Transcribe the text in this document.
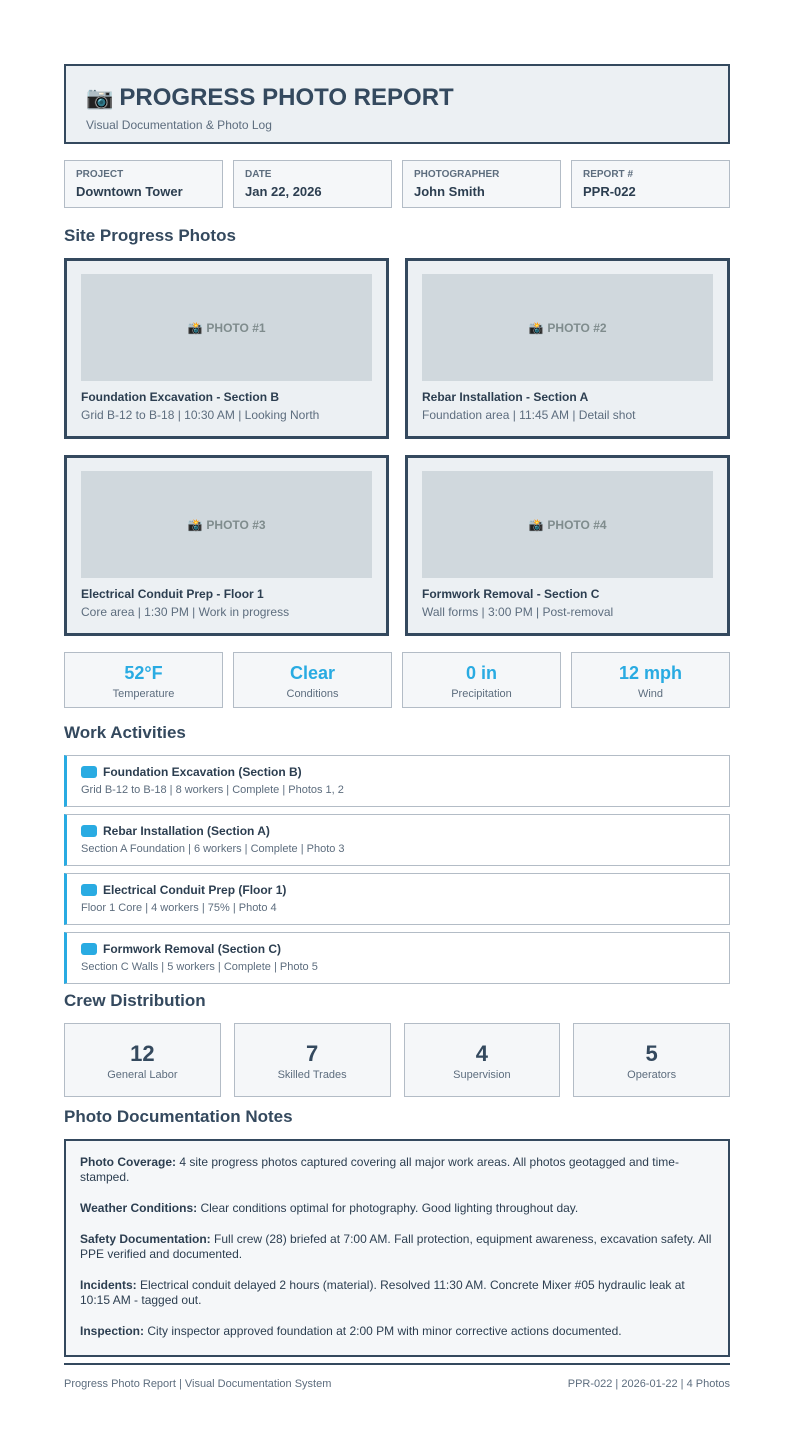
📷 PROGRESS PHOTO REPORT
Visual Documentation & Photo Log
PROJECT
Downtown Tower
DATE
Jan 22, 2026
PHOTOGRAPHER
John Smith
REPORT #
PPR-022
Site Progress Photos
📸 PHOTO #1
Foundation Excavation - Section B
Grid B-12 to B-18 | 10:30 AM | Looking North
📸 PHOTO #2
Rebar Installation - Section A
Foundation area | 11:45 AM | Detail shot
📸 PHOTO #3
Electrical Conduit Prep - Floor 1
Core area | 1:30 PM | Work in progress
📸 PHOTO #4
Formwork Removal - Section C
Wall forms | 3:00 PM | Post-removal
52°F
Temperature
Clear
Conditions
0 in
Precipitation
12 mph
Wind
Work Activities
Foundation Excavation (Section B)
Grid B-12 to B-18 | 8 workers | Complete | Photos 1, 2
Rebar Installation (Section A)
Section A Foundation | 6 workers | Complete | Photo 3
Electrical Conduit Prep (Floor 1)
Floor 1 Core | 4 workers | 75% | Photo 4
Formwork Removal (Section C)
Section C Walls | 5 workers | Complete | Photo 5
Crew Distribution
12
General Labor
7
Skilled Trades
4
Supervision
5
Operators
Photo Documentation Notes

Photo Coverage: 4 site progress photos captured covering all major work areas. All photos geotagged and time-stamped.

Weather Conditions: Clear conditions optimal for photography. Good lighting throughout day.

Safety Documentation: Full crew (28) briefed at 7:00 AM. Fall protection, equipment awareness, excavation safety. All PPE verified and documented.

Incidents: Electrical conduit delayed 2 hours (material). Resolved 11:30 AM. Concrete Mixer #05 hydraulic leak at 10:15 AM - tagged out.

Inspection: City inspector approved foundation at 2:00 PM with minor corrective actions documented.

Progress Photo Report | Visual Documentation System	PPR-022 | 2026-01-22 | 4 Photos
